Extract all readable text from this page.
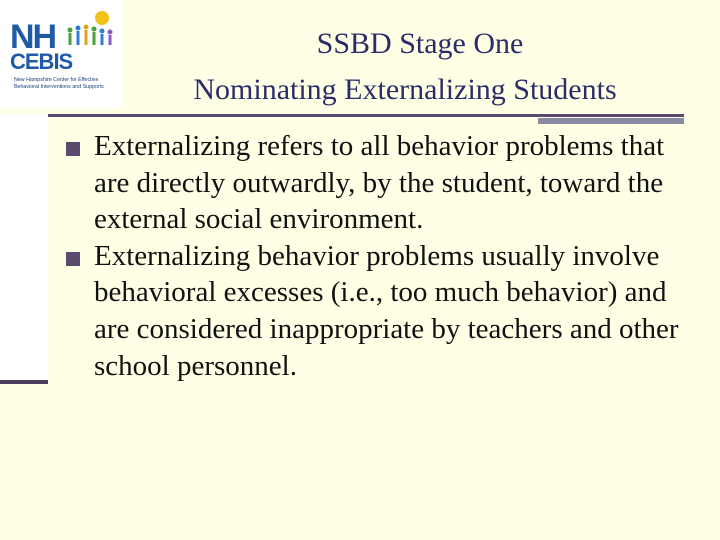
NH
CEBIS
New Hampshire Center for Effective Behavioral Interventions and Supports
SSBD Stage One
Nominating Externalizing Students

Externalizing refers to all behavior problems that are directly outwardly, by the student, toward the external social environment.

Externalizing behavior problems usually involve behavioral excesses (i.e., too much behavior) and are considered inappropriate by teachers and other school personnel.
